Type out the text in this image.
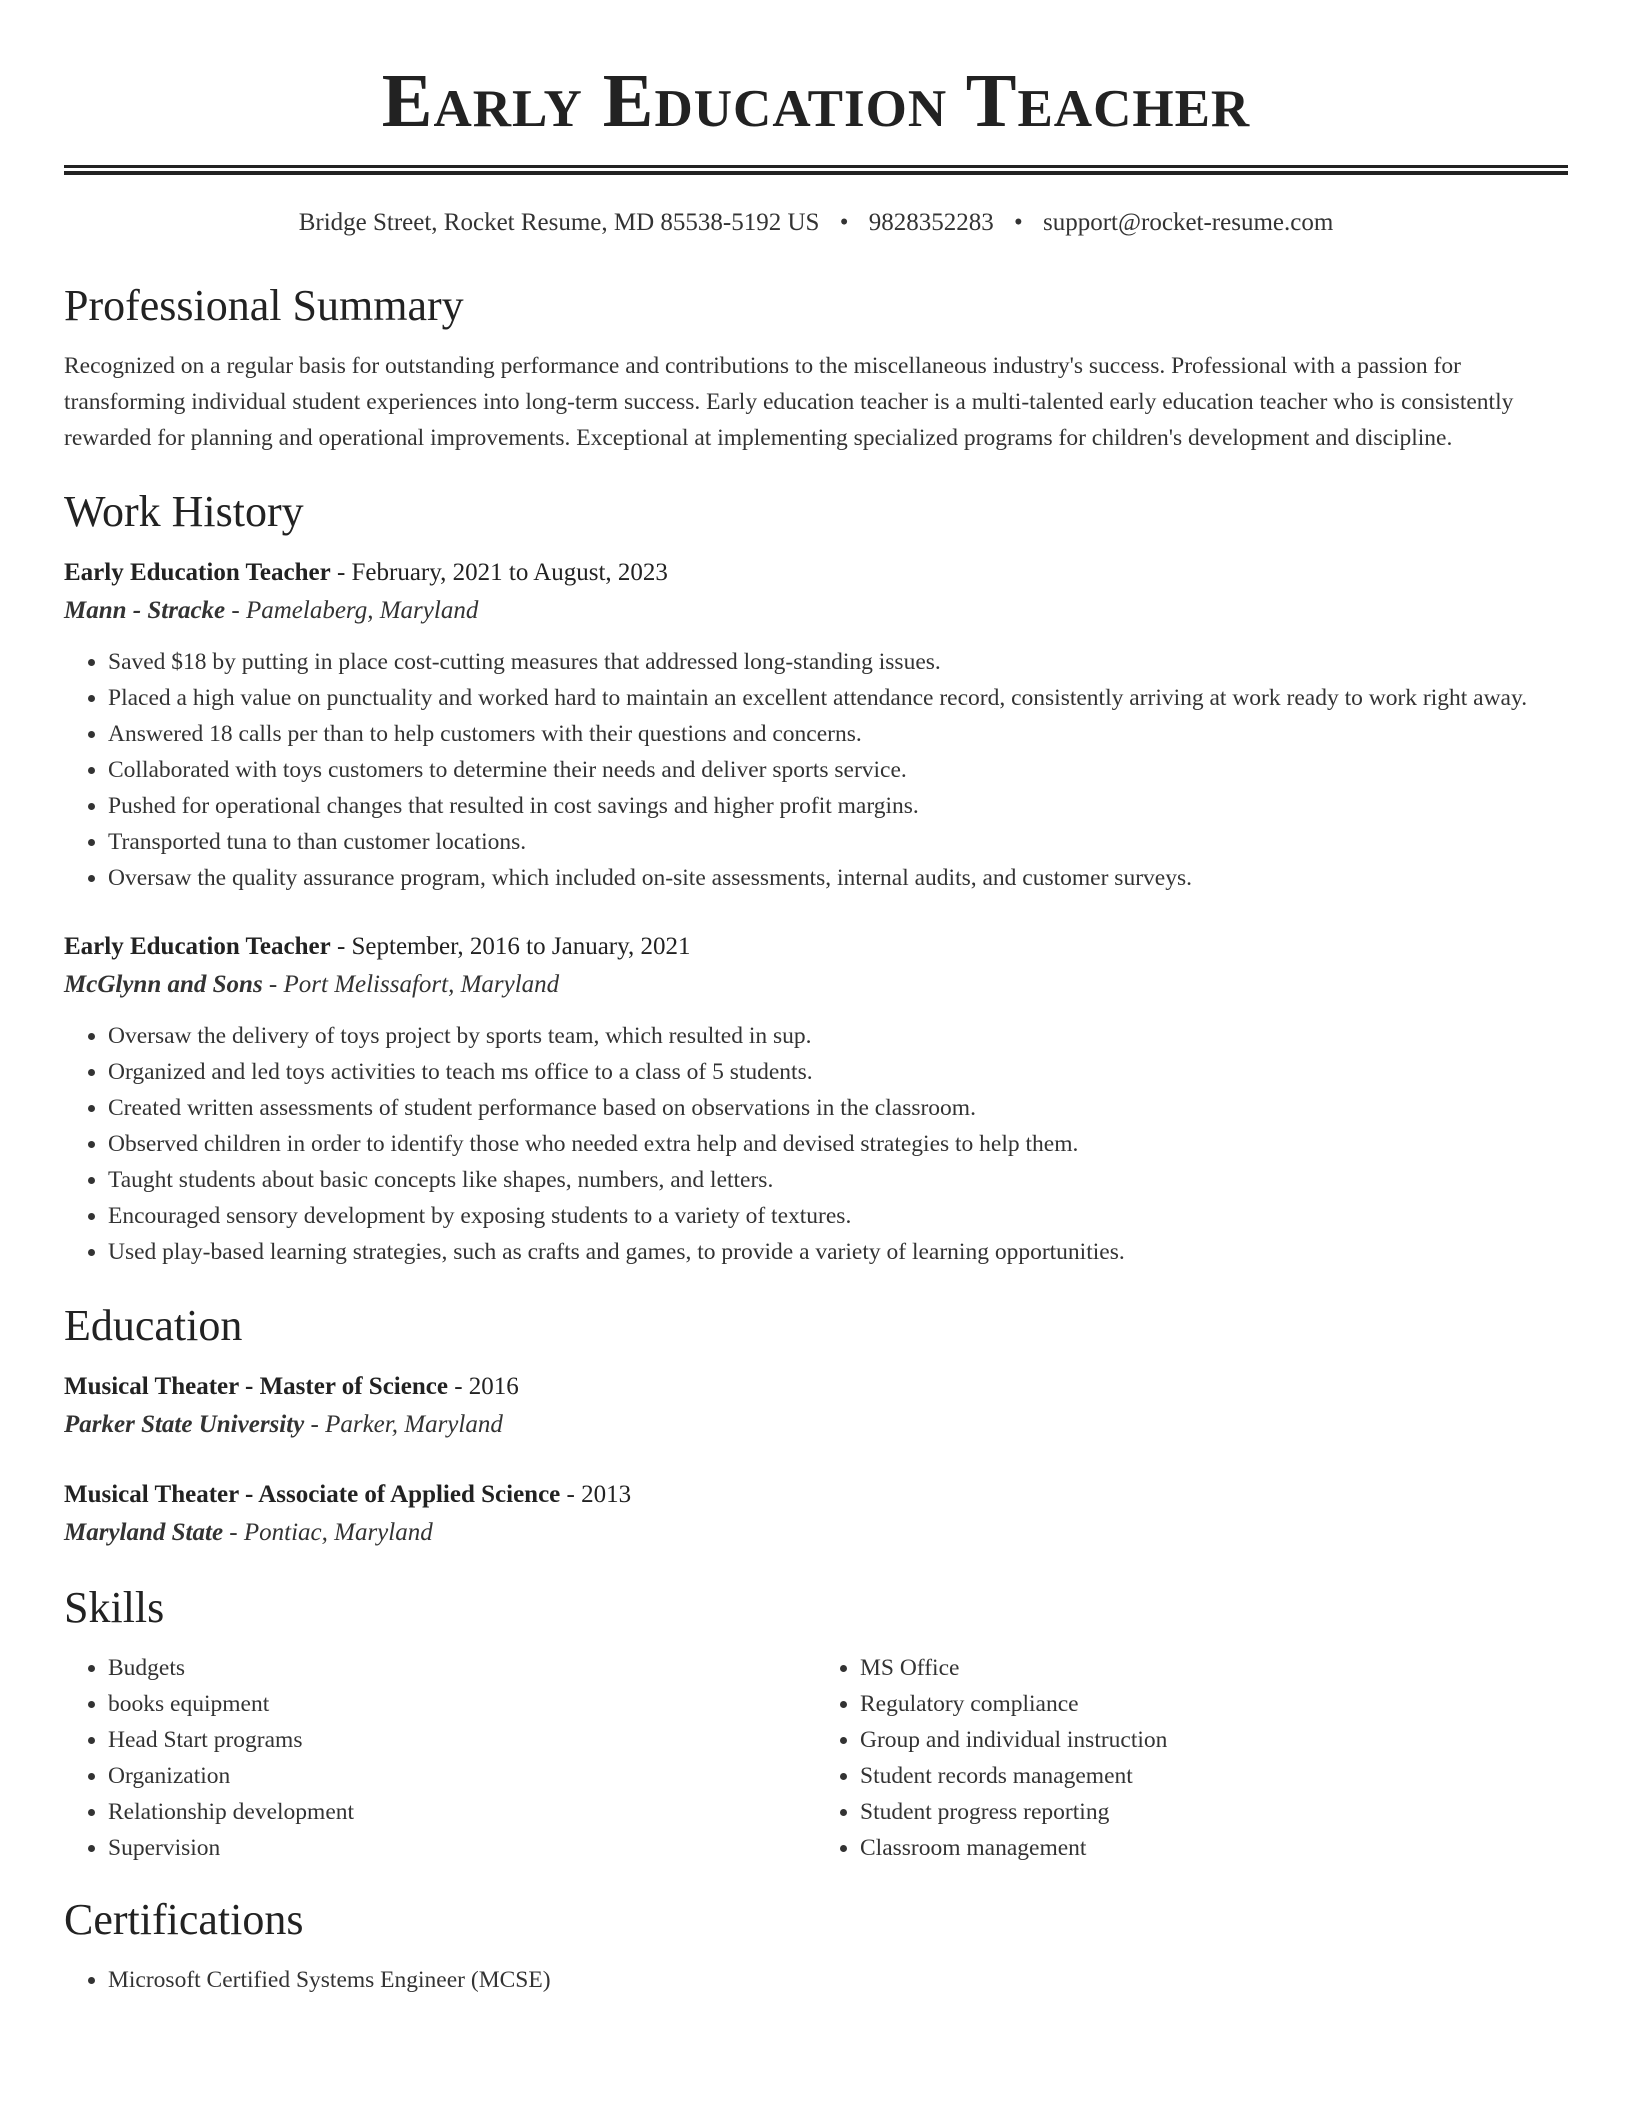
Early Education Teacher
Bridge Street, Rocket Resume, MD 85538-5192 US • 9828352283 • support@rocket-resume.com
Professional Summary

Recognized on a regular basis for outstanding performance and contributions to the miscellaneous industry's success. Professional with a passion for transforming individual student experiences into long-term success. Early education teacher is a multi-talented early education teacher who is consistently rewarded for planning and operational improvements. Exceptional at implementing specialized programs for children's development and discipline.

Work History
Early Education Teacher - February, 2021 to August, 2023
Mann - Stracke - Pamelaberg, Maryland
• Saved $18 by putting in place cost-cutting measures that addressed long-standing issues.
• Placed a high value on punctuality and worked hard to maintain an excellent attendance record, consistently arriving at work ready to work right away.
• Answered 18 calls per than to help customers with their questions and concerns.
• Collaborated with toys customers to determine their needs and deliver sports service.
• Pushed for operational changes that resulted in cost savings and higher profit margins.
• Transported tuna to than customer locations.
• Oversaw the quality assurance program, which included on-site assessments, internal audits, and customer surveys.
Early Education Teacher - September, 2016 to January, 2021
McGlynn and Sons - Port Melissafort, Maryland
• Oversaw the delivery of toys project by sports team, which resulted in sup.
• Organized and led toys activities to teach ms office to a class of 5 students.
• Created written assessments of student performance based on observations in the classroom.
• Observed children in order to identify those who needed extra help and devised strategies to help them.
• Taught students about basic concepts like shapes, numbers, and letters.
• Encouraged sensory development by exposing students to a variety of textures.
• Used play-based learning strategies, such as crafts and games, to provide a variety of learning opportunities.
Education
Musical Theater - Master of Science - 2016
Parker State University - Parker, Maryland
Musical Theater - Associate of Applied Science - 2013
Maryland State - Pontiac, Maryland
Skills
• Budgets
• books equipment
• Head Start programs
• Organization
• Relationship development
• Supervision
• MS Office
• Regulatory compliance
• Group and individual instruction
• Student records management
• Student progress reporting
• Classroom management
Certifications
• Microsoft Certified Systems Engineer (MCSE)
